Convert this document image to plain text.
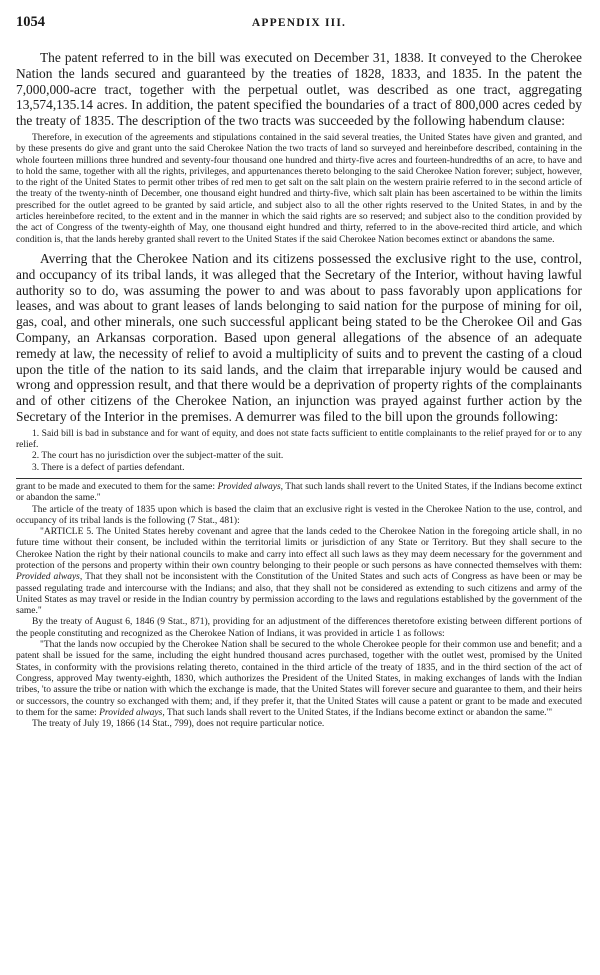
1054	APPENDIX III.

The patent referred to in the bill was executed on December 31, 1838. It conveyed to the Cherokee Nation the lands secured and guaranteed by the treaties of 1828, 1833, and 1835. In the patent the 7,000,000-acre tract, together with the perpetual outlet, was described as one tract, aggregating 13,574,135.14 acres. In addition, the patent specified the boundaries of a tract of 800,000 acres ceded by the treaty of 1835. The description of the two tracts was succeeded by the following habendum clause:

Therefore, in execution of the agreements and stipulations contained in the said several treaties, the United States have given and granted, and by these presents do give and grant unto the said Cherokee Nation the two tracts of land so surveyed and hereinbefore described, containing in the whole fourteen millions three hundred and seventy-four thousand one hundred and thirty-five acres and fourteen-hundredths of an acre, to have and to hold the same, together with all the rights, privileges, and appurtenances thereto belonging to the said Cherokee Nation forever; subject, however, to the right of the United States to permit other tribes of red men to get salt on the salt plain on the western prairie referred to in the second article of the treaty of the twenty-ninth of December, one thousand eight hundred and thirty-five, which salt plain has been ascertained to be within the limits prescribed for the outlet agreed to be granted by said article, and subject also to all the other rights reserved to the United States, in and by the articles hereinbefore recited, to the extent and in the manner in which the said rights are so reserved; and subject also to the condition provided by the act of Congress of the twenty-eighth of May, one thousand eight hundred and thirty, referred to in the above-recited third article, and which condition is, that the lands hereby granted shall revert to the United States if the said Cherokee Nation becomes extinct or abandons the same.

Averring that the Cherokee Nation and its citizens possessed the exclusive right to the use, control, and occupancy of its tribal lands, it was alleged that the Secretary of the Interior, without having lawful authority so to do, was assuming the power to and was about to pass favorably upon applications for leases, and was about to grant leases of lands belonging to said nation for the purpose of mining for oil, gas, coal, and other minerals, one such successful applicant being stated to be the Cherokee Oil and Gas Company, an Arkansas corporation. Based upon general allegations of the absence of an adequate remedy at law, the necessity of relief to avoid a multiplicity of suits and to prevent the casting of a cloud upon the title of the nation to its said lands, and the claim that irreparable injury would be caused and wrong and oppression result, and that there would be a deprivation of property rights of the complainants and of other citizens of the Cherokee Nation, an injunction was prayed against further action by the Secretary of the Interior in the premises. A demurrer was filed to the bill upon the grounds following:

1. Said bill is bad in substance and for want of equity, and does not state facts sufficient to entitle complainants to the relief prayed for or to any relief.

2. The court has no jurisdiction over the subject-matter of the suit.

3. There is a defect of parties defendant.

grant to be made and executed to them for the same: Provided always, That such lands shall revert to the United States, if the Indians become extinct or abandon the same."

The article of the treaty of 1835 upon which is based the claim that an exclusive right is vested in the Cherokee Nation to the use, control, and occupancy of its tribal lands is the following (7 Stat., 481):

"ARTICLE 5. The United States hereby covenant and agree that the lands ceded to the Cherokee Nation in the foregoing article shall, in no future time without their consent, be included within the territorial limits or jurisdiction of any State or Territory. But they shall secure to the Cherokee Nation the right by their national councils to make and carry into effect all such laws as they may deem necessary for the government and protection of the persons and property within their own country belonging to their people or such persons as have connected themselves with them: Provided always, That they shall not be inconsistent with the Constitution of the United States and such acts of Congress as have been or may be passed regulating trade and intercourse with the Indians; and also, that they shall not be considered as extending to such citizens and army of the United States as may travel or reside in the Indian country by permission according to the laws and regulations established by the government of the same."

By the treaty of August 6, 1846 (9 Stat., 871), providing for an adjustment of the differences theretofore existing between different portions of the people constituting and recognized as the Cherokee Nation of Indians, it was provided in article 1 as follows:

"That the lands now occupied by the Cherokee Nation shall be secured to the whole Cherokee people for their common use and benefit; and a patent shall be issued for the same, including the eight hundred thousand acres purchased, together with the outlet west, promised by the United States, in conformity with the provisions relating thereto, contained in the third article of the treaty of 1835, and in the third section of the act of Congress, approved May twenty-eighth, 1830, which authorizes the President of the United States, in making exchanges of lands with the Indian tribes, 'to assure the tribe or nation with which the exchange is made, that the United States will forever secure and guarantee to them, and their heirs or successors, the country so exchanged with them; and, if they prefer it, that the United States will cause a patent or grant to be made and executed to them for the same: Provided always, That such lands shall revert to the United States, if the Indians become extinct or abandon the same.'"

The treaty of July 19, 1866 (14 Stat., 799), does not require particular notice.
